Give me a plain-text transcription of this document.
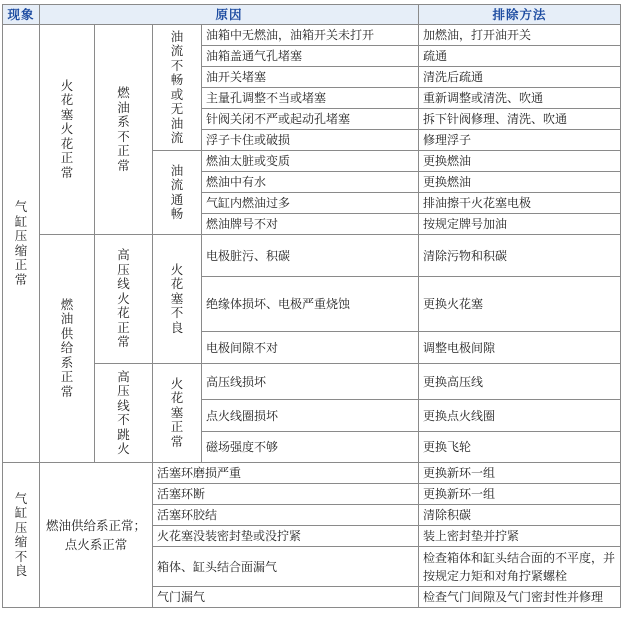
现象	原因				排除方法
气缸压缩正常	火花塞火花正常	燃油系不正常	油流不畅或无油流	油箱中无燃油，油箱开关未打开	加燃油，打开油开关
				油箱盖通气孔堵塞	疏通
				油开关堵塞	清洗后疏通
				主量孔调整不当或堵塞	重新调整或清洗、吹通
				针阀关闭不严或起动孔堵塞	拆下针阀修理、清洗、吹通
				浮子卡住或破损	修理浮子
			油流通畅	燃油太脏或变质	更换燃油
				燃油中有水	更换燃油
				气缸内燃油过多	排油擦干火花塞电极
				燃油牌号不对	按规定牌号加油
	燃油供给系正常	高压线火花正常	火花塞不良	电极脏污、积碳	清除污物和积碳
				绝缘体损坏、电极严重烧蚀	更换火花塞
				电极间隙不对	调整电极间隙
		高压线不跳火	火花塞正常	高压线损坏	更换高压线
				点火线圈损坏	更换点火线圈
				磁场强度不够	更换飞轮
气缸压缩不良	燃油供给系正常；点火系正常		活塞环磨损严重		更换新环一组
			活塞环断		更换新环一组
			活塞环胶结		清除积碳
			火花塞没装密封垫或没拧紧		装上密封垫并拧紧
			箱体、缸头结合面漏气		检查箱体和缸头结合面的不平度，并按规定力矩和对角拧紧螺栓
			气门漏气		检查气门间隙及气门密封性并修理
